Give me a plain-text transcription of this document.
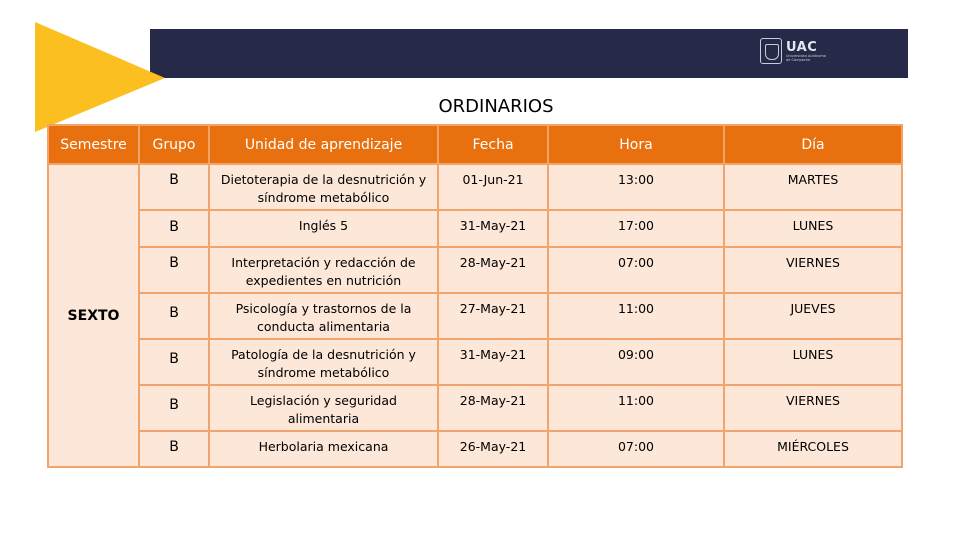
UAC
Universidad Autónoma de Campeche
ORDINARIOS
Semestre	Grupo	Unidad de aprendizaje	Fecha	Hora	Día
SEXTO	B	Dietoterapia de la desnutrición y síndrome metabólico	01-Jun-21	13:00	MARTES
	B	Inglés 5	31-May-21	17:00	LUNES
	B	Interpretación y redacción de expedientes en nutrición	28-May-21	07:00	VIERNES
	B	Psicología y trastornos de la conducta alimentaria	27-May-21	11:00	JUEVES
	B	Patología de la desnutrición y síndrome metabólico	31-May-21	09:00	LUNES
	B	Legislación y seguridad alimentaria	28-May-21	11:00	VIERNES
	B	Herbolaria mexicana	26-May-21	07:00	MIÉRCOLES
